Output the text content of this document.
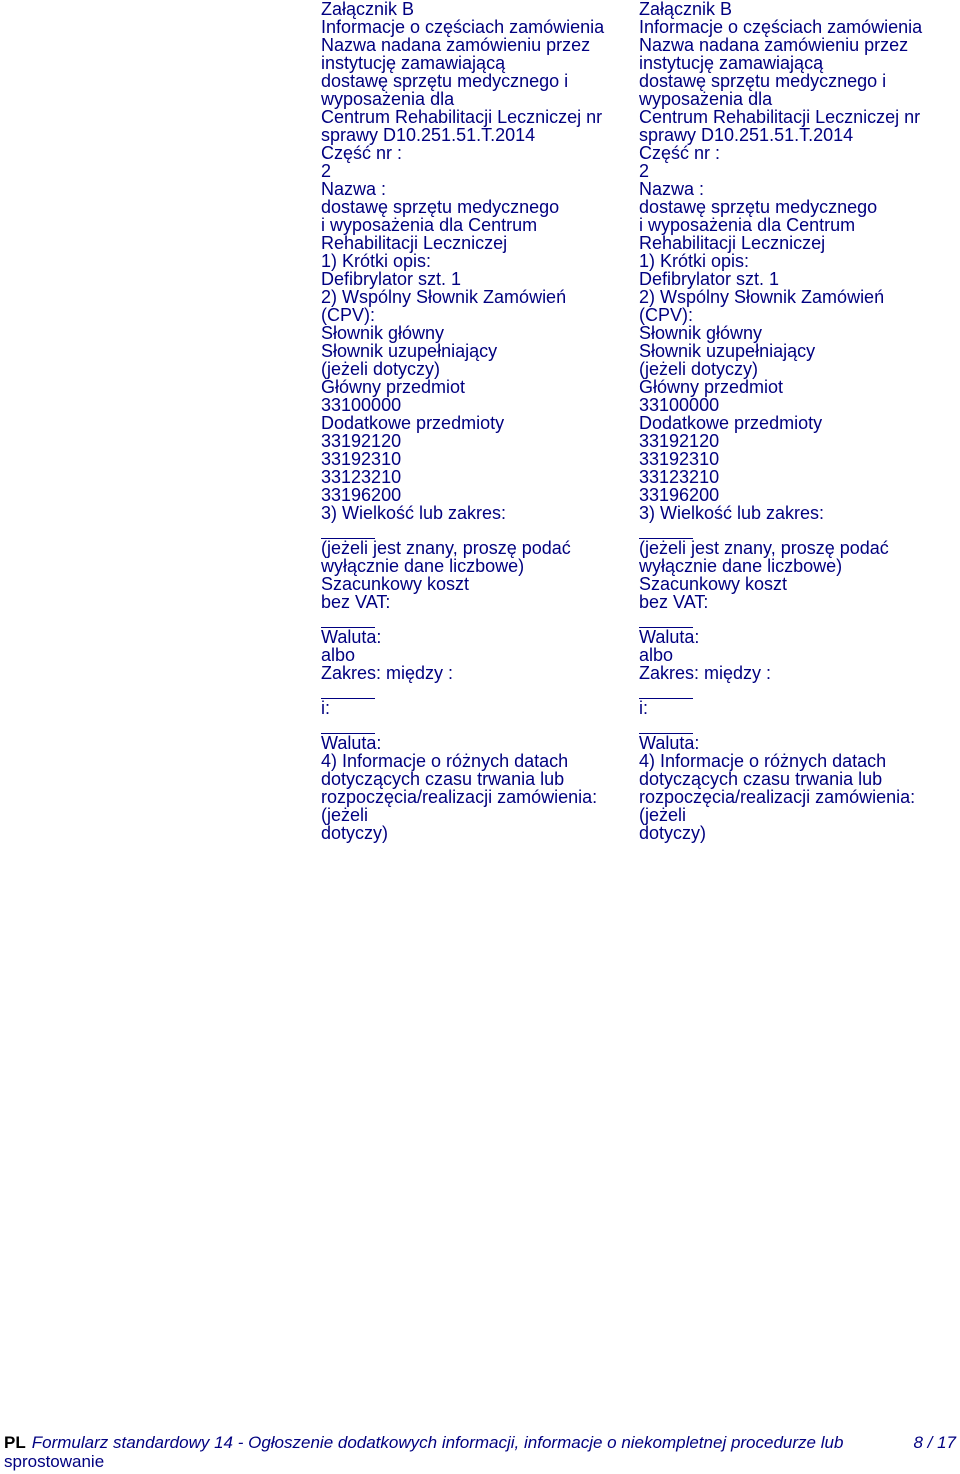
Załącznik B
Informacje o częściach zamówienia
Nazwa nadana zamówieniu przez
instytucję zamawiającą
dostawę sprzętu medycznego i
wyposażenia dla
Centrum Rehabilitacji Leczniczej nr
sprawy D10.251.51.T.2014
Część nr :
2
Nazwa :
dostawę sprzętu medycznego
i wyposażenia dla Centrum
Rehabilitacji Leczniczej
1) Krótki opis:
Defibrylator szt. 1
2) Wspólny Słownik Zamówień
(CPV):
Słownik główny
Słownik uzupełniający
(jeżeli dotyczy)
Główny przedmiot
33100000
Dodatkowe przedmioty
33192120
33192310
33123210
33196200
3) Wielkość lub zakres:
(jeżeli jest znany, proszę podać
wyłącznie dane liczbowe)
Szacunkowy koszt
bez VAT:
Waluta:
albo
Zakres: między :
i:
Waluta:
4) Informacje o różnych datach
dotyczących czasu trwania lub
rozpoczęcia/realizacji zamówienia:
(jeżeli
dotyczy)
Załącznik B
Informacje o częściach zamówienia
Nazwa nadana zamówieniu przez
instytucję zamawiającą
dostawę sprzętu medycznego i
wyposażenia dla
Centrum Rehabilitacji Leczniczej nr
sprawy D10.251.51.T.2014
Część nr :
2
Nazwa :
dostawę sprzętu medycznego
i wyposażenia dla Centrum
Rehabilitacji Leczniczej
1) Krótki opis:
Defibrylator szt. 1
2) Wspólny Słownik Zamówień
(CPV):
Słownik główny
Słownik uzupełniający
(jeżeli dotyczy)
Główny przedmiot
33100000
Dodatkowe przedmioty
33192120
33192310
33123210
33196200
3) Wielkość lub zakres:
(jeżeli jest znany, proszę podać
wyłącznie dane liczbowe)
Szacunkowy koszt
bez VAT:
Waluta:
albo
Zakres: między :
i:
Waluta:
4) Informacje o różnych datach
dotyczących czasu trwania lub
rozpoczęcia/realizacji zamówienia:
(jeżeli
dotyczy)
PL Formularz standardowy 14 - Ogłoszenie dodatkowych informacji, informacje o niekompletnej procedurze lub
sprostowanie
8 / 17
